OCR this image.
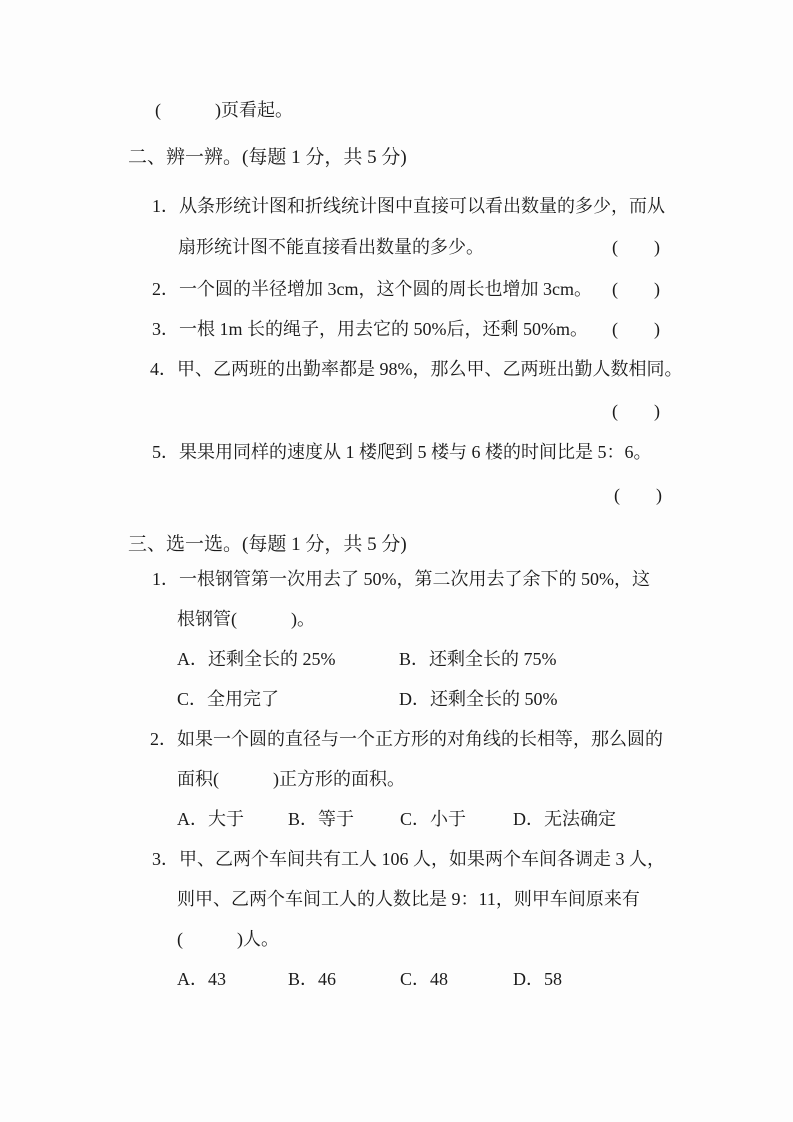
(　　　)页看起。
二、辨一辨。(每题 1 分，共 5 分)
1．从条形统计图和折线统计图中直接可以看出数量的多少，而从
扇形统计图不能直接看出数量的多少。	(　　)
2．一个圆的半径增加 3cm，这个圆的周长也增加 3cm。 (　　)
3．一根 1m 长的绳子，用去它的 50%后，还剩 50%m。 (　　)
4．甲、乙两班的出勤率都是 98%，那么甲、乙两班出勤人数相同。
(　　)
5．果果用同样的速度从 1 楼爬到 5 楼与 6 楼的时间比是 5：6。
(　　)
三、选一选。(每题 1 分，共 5 分)
1．一根钢管第一次用去了 50%，第二次用去了余下的 50%，这
根钢管(　　　)。
A．还剩全长的 25%	B．还剩全长的 75%
C．全用完了	D．还剩全长的 50%
2．如果一个圆的直径与一个正方形的对角线的长相等，那么圆的
面积(　　　)正方形的面积。
A．大于 B．等于	C．小于	D．无法确定
3．甲、乙两个车间共有工人 106 人，如果两个车间各调走 3 人，
则甲、乙两个车间工人的人数比是 9：11，则甲车间原来有
(　　　)人。
A．43	B．46	C．48	D．58
